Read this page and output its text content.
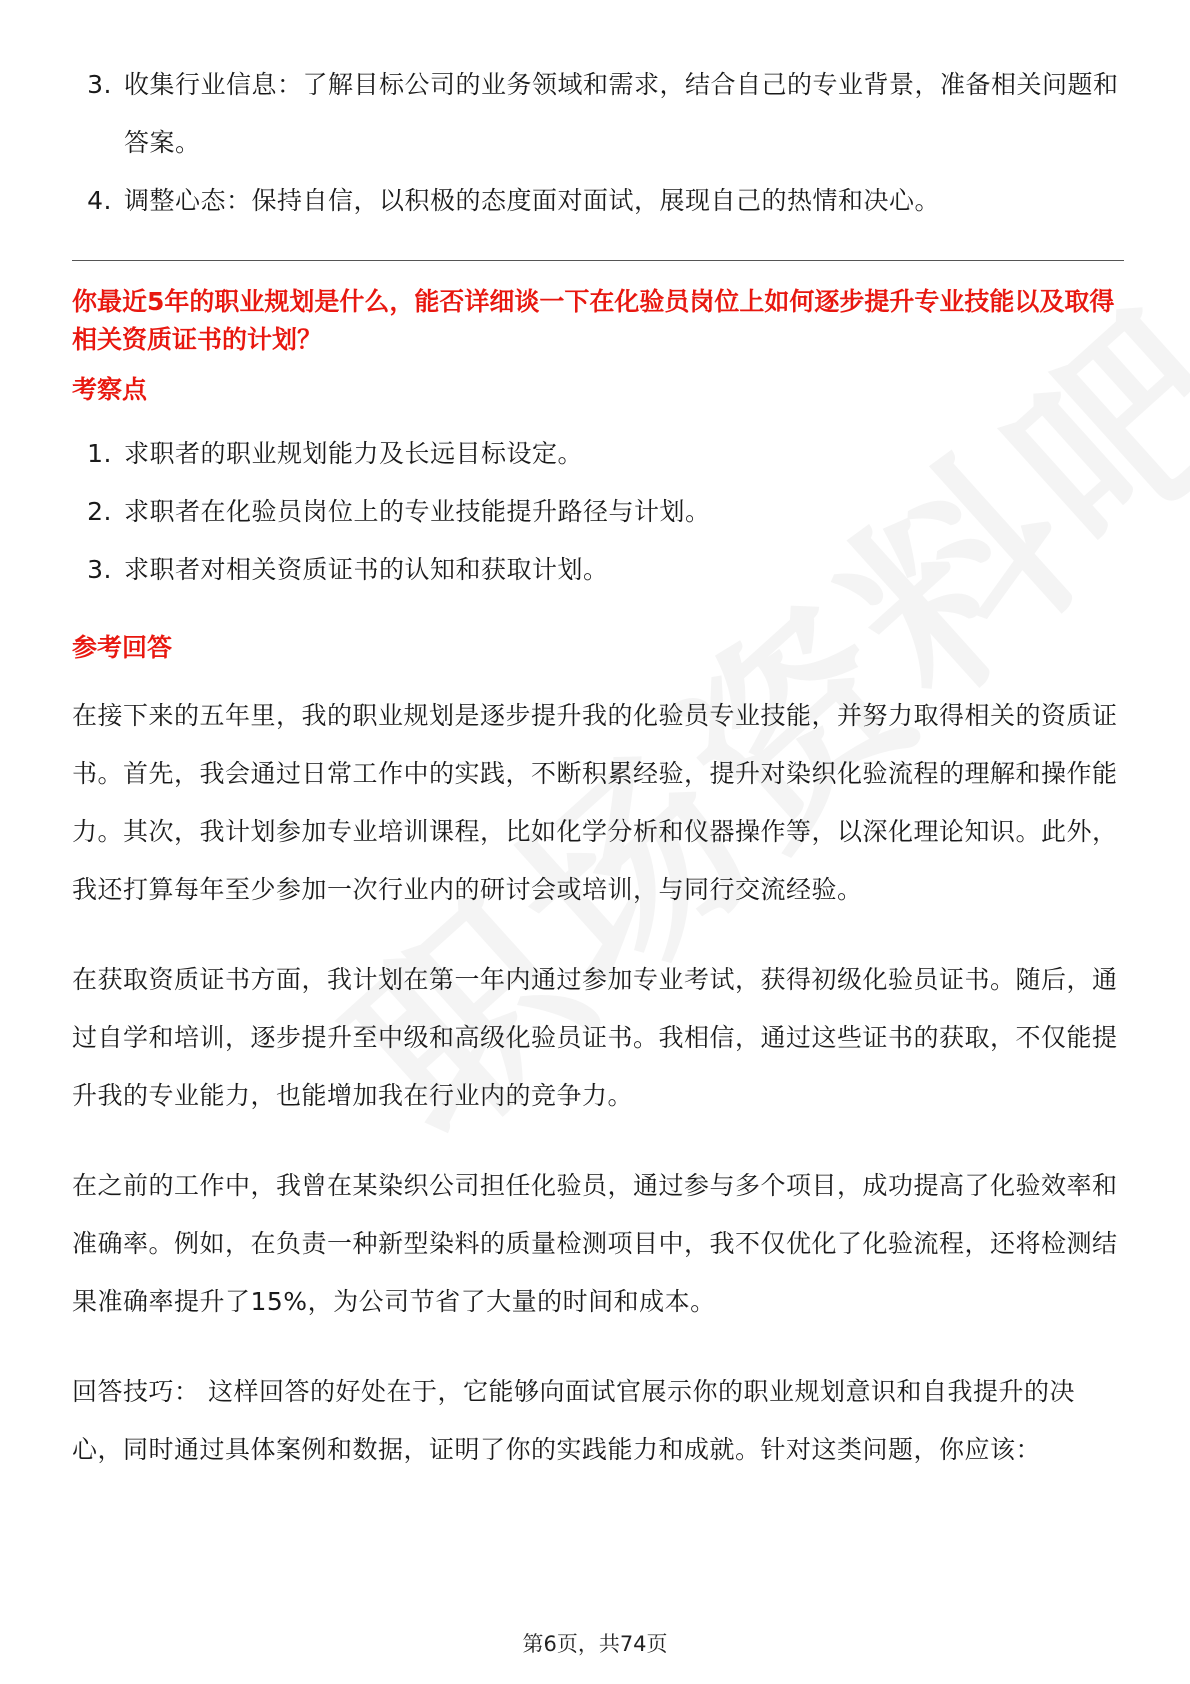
3. 收集行业信息：了解目标公司的业务领域和需求，结合自己的专业背景，准备相关问题和答案。
4. 调整心态：保持自信，以积极的态度面对面试，展现自己的热情和决心。

你最近5年的职业规划是什么，能否详细谈一下在化验员岗位上如何逐步提升专业技能以及取得相关资质证书的计划？

考察点
1. 求职者的职业规划能力及长远目标设定。
2. 求职者在化验员岗位上的专业技能提升路径与计划。
3. 求职者对相关资质证书的认知和获取计划。
参考回答

在接下来的五年里，我的职业规划是逐步提升我的化验员专业技能，并努力取得相关的资质证书。首先，我会通过日常工作中的实践，不断积累经验，提升对染织化验流程的理解和操作能力。其次，我计划参加专业培训课程，比如化学分析和仪器操作等，以深化理论知识。此外，我还打算每年至少参加一次行业内的研讨会或培训，与同行交流经验。

在获取资质证书方面，我计划在第一年内通过参加专业考试，获得初级化验员证书。随后，通过自学和培训，逐步提升至中级和高级化验员证书。我相信，通过这些证书的获取，不仅能提升我的专业能力，也能增加我在行业内的竞争力。

在之前的工作中，我曾在某染织公司担任化验员，通过参与多个项目，成功提高了化验效率和准确率。例如，在负责一种新型染料的质量检测项目中，我不仅优化了化验流程，还将检测结果准确率提升了15%，为公司节省了大量的时间和成本。

回答技巧： 这样回答的好处在于，它能够向面试官展示你的职业规划意识和自我提升的决心，同时通过具体案例和数据，证明了你的实践能力和成就。针对这类问题，你应该：

第6页，共74页
